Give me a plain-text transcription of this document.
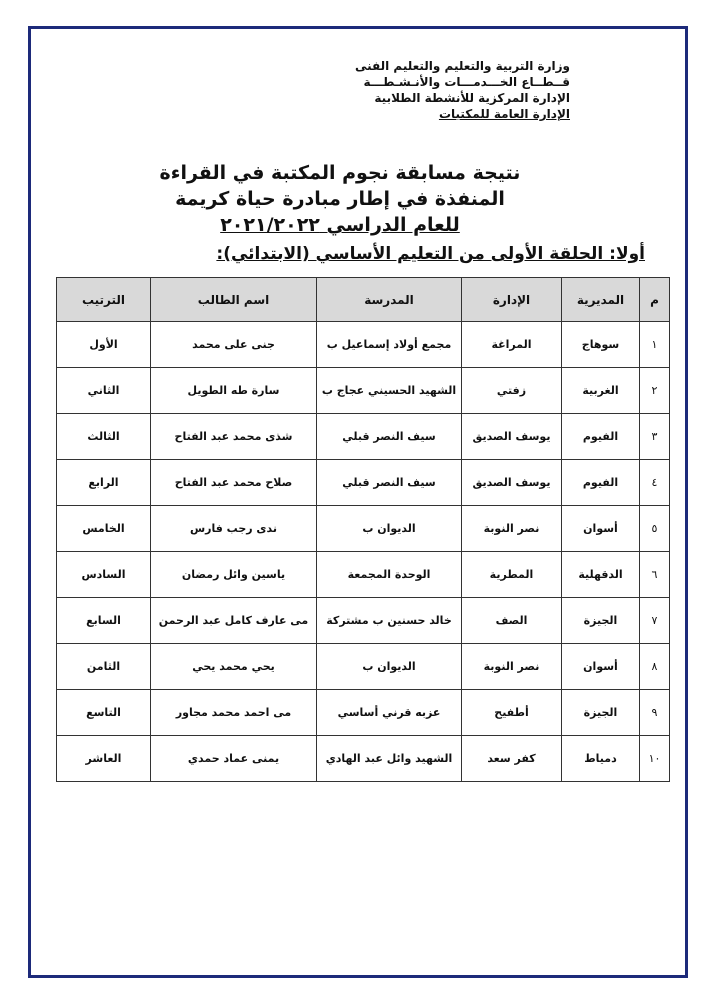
وزارة التربية والتعليم والتعليم الفنى
قــطــاع الخـــدمـــات والأنـشـطـــة
الإدارة المركزية للأنشطة الطلابية
الإدارة العامة للمكتبات
نتيجة مسابقة نجوم المكتبة في القراءة
المنفذة في إطار مبادرة حياة كريمة
للعام الدراسي ٢٠٢١/٢٠٢٢
أولا: الحلقة الأولى من التعليم الأساسي (الابتدائي):
م	المديرية	الإدارة	المدرسة	اسم الطالب	الترتيب
١	سوهاج	المراغة	مجمع أولاد إسماعيل ب	جنى على محمد	الأول
٢	الغربية	زفتي	الشهيد الحسيني عجاج ب	سارة طه الطويل	الثاني
٣	الفيوم	يوسف الصديق	سيف النصر قبلي	شذى محمد عبد الفتاح	الثالث
٤	الفيوم	يوسف الصديق	سيف النصر قبلي	صلاح محمد عبد الفتاح	الرابع
٥	أسوان	نصر النوبة	الديوان ب	ندى رجب فارس	الخامس
٦	الدقهلية	المطرية	الوحدة المجمعة	ياسين وائل رمضان	السادس
٧	الجيزة	الصف	خالد حسنين ب مشتركة	مى عارف كامل عبد الرحمن	السابع
٨	أسوان	نصر النوبة	الديوان ب	يحي محمد يحي	الثامن
٩	الجيزة	أطفيح	عزبه قرني أساسي	مى احمد محمد مجاور	التاسع
١٠	دمياط	كفر سعد	الشهيد وائل عبد الهادي	يمنى عماد حمدي	العاشر
